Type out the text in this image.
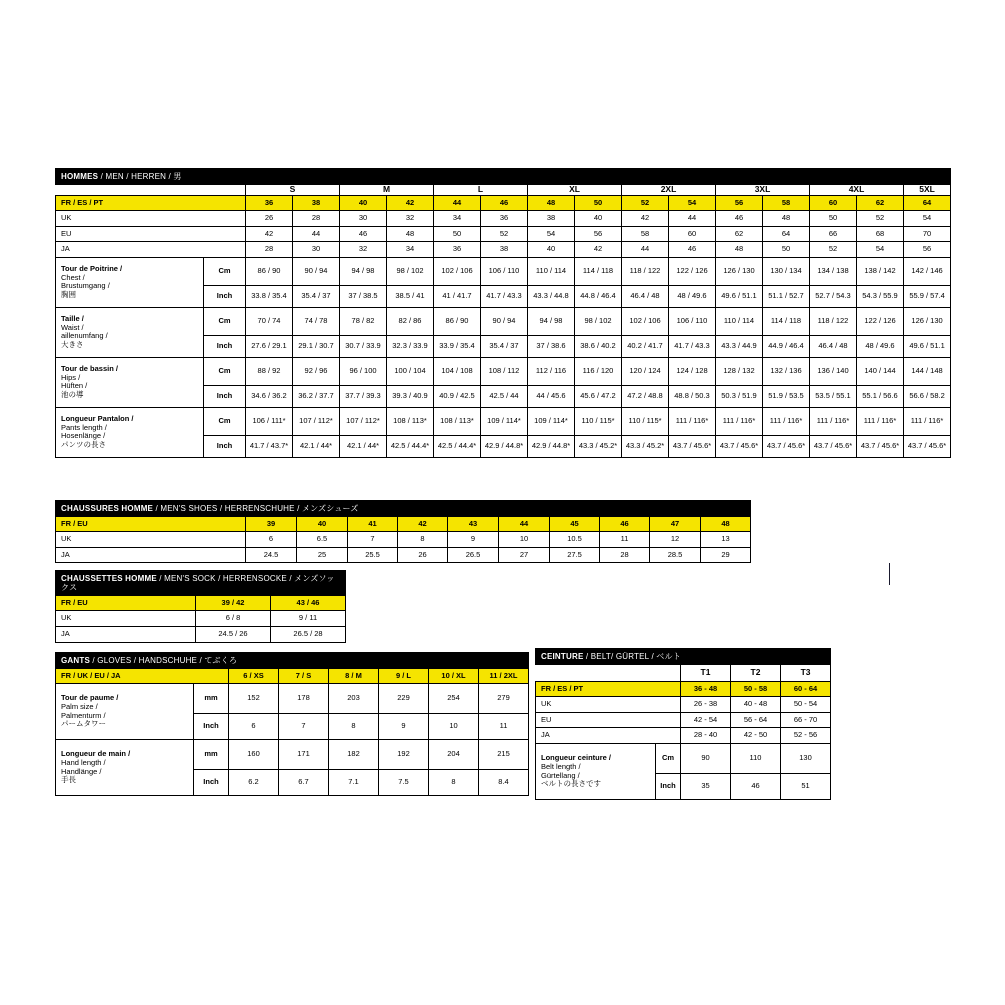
HOMMES / MEN / HERREN / 男																
		S		M		L		XL		2XL		3XL		4XL		5XL
FR / ES / PT		36	38	40	42	44	46	48	50	52	54	56	58	60	62	64
UK		26	28	30	32	34	36	38	40	42	44	46	48	50	52	54
EU		42	44	46	48	50	52	54	56	58	60	62	64	66	68	70
JA		28	30	32	34	36	38	40	42	44	46	48	50	52	54	56
Tour de Poitrine /
Chest /
Brustumgang /
胸囲	Cm	86 / 90	90 / 94	94 / 98	98 / 102	102 / 106	106 / 110	110 / 114	114 / 118	118 / 122	122 / 126	126 / 130	130 / 134	134 / 138	138 / 142	142 / 146
	Inch	33.8 / 35.4	35.4 / 37	37 / 38.5	38.5 / 41	41 / 41.7	41.7 / 43.3	43.3 / 44.8	44.8 / 46.4	46.4 / 48	48 / 49.6	49.6 / 51.1	51.1 / 52.7	52.7 / 54.3	54.3 / 55.9	55.9 / 57.4
Taille /
Waist /
aillenumfang /
大きさ	Cm	70 / 74	74 / 78	78 / 82	82 / 86	86 / 90	90 / 94	94 / 98	98 / 102	102 / 106	106 / 110	110 / 114	114 / 118	118 / 122	122 / 126	126 / 130
	Inch	27.6 / 29.1	29.1 / 30.7	30.7 / 33.9	32.3 / 33.9	33.9 / 35.4	35.4 / 37	37 / 38.6	38.6 / 40.2	40.2 / 41.7	41.7 / 43.3	43.3 / 44.9	44.9 / 46.4	46.4 / 48	48 / 49.6	49.6 / 51.1
Tour de bassin /
Hips /
Hüften /
池の導	Cm	88 / 92	92 / 96	96 / 100	100 / 104	104 / 108	108 / 112	112 / 116	116 / 120	120 / 124	124 / 128	128 / 132	132 / 136	136 / 140	140 / 144	144 / 148
	Inch	34.6 / 36.2	36.2 / 37.7	37.7 / 39.3	39.3 / 40.9	40.9 / 42.5	42.5 / 44	44 / 45.6	45.6 / 47.2	47.2 / 48.8	48.8 / 50.3	50.3 / 51.9	51.9 / 53.5	53.5 / 55.1	55.1 / 56.6	56.6 / 58.2
Longueur Pantalon /
Pants length /
Hosenlänge /
パンツの長さ	Cm	106 / 111*	107 / 112*	107 / 112*	108 / 113*	108 / 113*	109 / 114*	109 / 114*	110 / 115*	110 / 115*	111 / 116*	111 / 116*	111 / 116*	111 / 116*	111 / 116*	111 / 116*
	Inch	41.7 / 43.7*	42.1 / 44*	42.1 / 44*	42.5 / 44.4*	42.5 / 44.4*	42.9 / 44.8*	42.9 / 44.8*	43.3 / 45.2*	43.3 / 45.2*	43.7 / 45.6*	43.7 / 45.6*	43.7 / 45.6*	43.7 / 45.6*	43.7 / 45.6*	43.7 / 45.6*
CHAUSSURES HOMME / MEN'S SHOES / HERRENSCHUHE / メンズシューズ										
FR / EU	39	40	41	42	43	44	45	46	47	48
UK	6	6.5	7	8	9	10	10.5	11	12	13
JA	24.5	25	25.5	26	26.5	27	27.5	28	28.5	29
CHAUSSETTES HOMME / MEN'S SOCK / HERRENSOCKE / メンズソックス		
FR / EU	39 / 42	43 / 46
UK	6 / 8	9 / 11
JA	24.5 / 26	26.5 / 28
GANTS / GLOVES / HANDSCHUHE / てぶくろ							
FR / UK / EU / JA		6 / XS	7 / S	8 / M	9 / L	10 / XL	11 / 2XL
Tour de paume /
Palm size /
Palmenturm /
パームタワー	mm	152	178	203	229	254	279
	Inch	6	7	8	9	10	11
Longueur de main /
Hand length /
Handlänge /
手長	mm	160	171	182	192	204	215
	Inch	6.2	6.7	7.1	7.5	8	8.4
CEINTURE / BELT/ GÜRTEL / ベルト				
		T1	T2	T3
FR / ES / PT		36 - 48	50 - 58	60 - 64
UK		26 - 38	40 - 48	50 - 54
EU		42 - 54	56 - 64	66 - 70
JA		28 - 40	42 - 50	52 - 56
Longueur ceinture /
Belt length /
Gürtellang /
ベルトの長さです	Cm	90	110	130
	Inch	35	46	51
